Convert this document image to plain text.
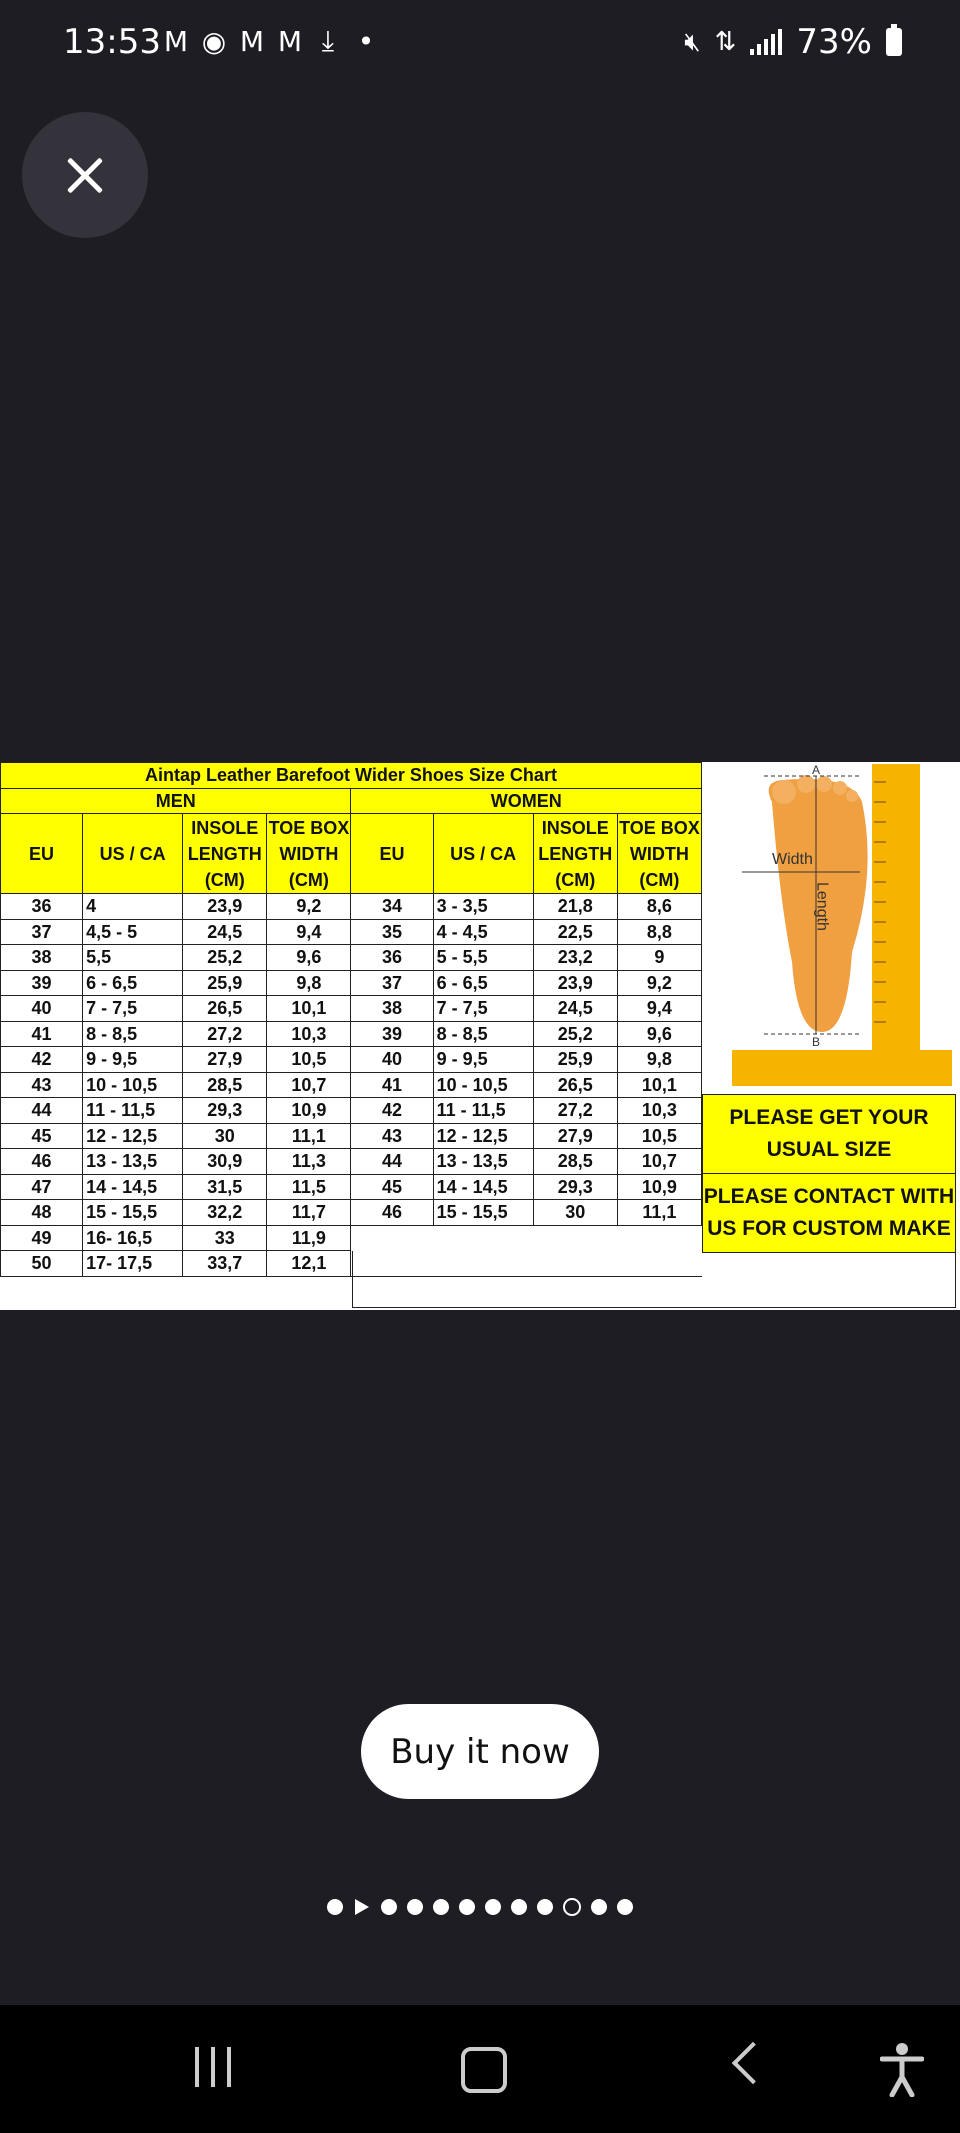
13:53 M ◉ M M ⤓ •	🔇︎ ⇅ 73%
Aintap Leather Barefoot Wider Shoes Size Chart							
MEN				WOMEN			
EU	US / CA	INSOLE LENGTH (CM)	TOE BOX WIDTH (CM)	EU	US / CA	INSOLE LENGTH (CM)	TOE BOX WIDTH (CM)
36	4	23,9	9,2	34	3 - 3,5	21,8	8,6
37	4,5 - 5	24,5	9,4	35	4 - 4,5	22,5	8,8
38	5,5	25,2	9,6	36	5 - 5,5	23,2	9
39	6 - 6,5	25,9	9,8	37	6 - 6,5	23,9	9,2
40	7 - 7,5	26,5	10,1	38	7 - 7,5	24,5	9,4
41	8 - 8,5	27,2	10,3	39	8 - 8,5	25,2	9,6
42	9 - 9,5	27,9	10,5	40	9 - 9,5	25,9	9,8
43	10 - 10,5	28,5	10,7	41	10 - 10,5	26,5	10,1
44	11 - 11,5	29,3	10,9	42	11 - 11,5	27,2	10,3
45	12 - 12,5	30	11,1	43	12 - 12,5	27,9	10,5
46	13 - 13,5	30,9	11,3	44	13 - 13,5	28,5	10,7
47	14 - 14,5	31,5	11,5	45	14 - 14,5	29,3	10,9
48	15 - 15,5	32,2	11,7	46	15 - 15,5	30	11,1
49	16- 16,5	33	11,9				
50	17- 17,5	33,7	12,1				
Width
A
B
Length
PLEASE GET YOUR USUAL SIZE
PLEASE CONTACT WITH US FOR CUSTOM MAKE
Buy it now
